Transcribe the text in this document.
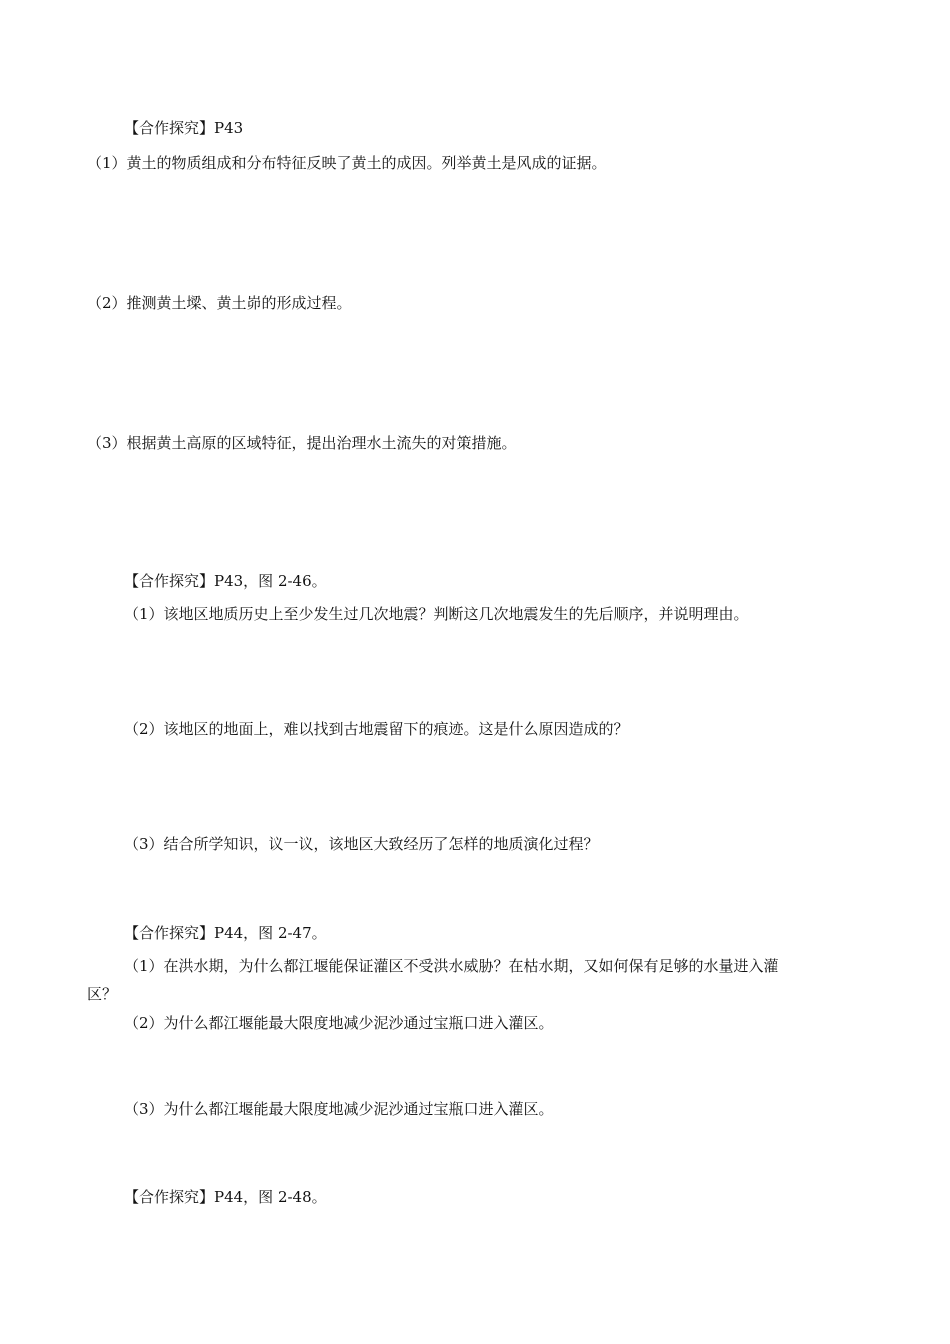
【合作探究】P43
（1）黄土的物质组成和分布特征反映了黄土的成因。列举黄土是风成的证据。
（2）推测黄土墚、黄土峁的形成过程。
（3）根据黄土高原的区域特征，提出治理水土流失的对策措施。
【合作探究】P43，图 2-46。
（1）该地区地质历史上至少发生过几次地震？判断这几次地震发生的先后顺序，并说明理由。
（2）该地区的地面上，难以找到古地震留下的痕迹。这是什么原因造成的？
（3）结合所学知识，议一议，该地区大致经历了怎样的地质演化过程？
【合作探究】P44，图 2-47。
（1）在洪水期，为什么都江堰能保证灌区不受洪水威胁？在枯水期，又如何保有足够的水量进入灌
区？
（2）为什么都江堰能最大限度地减少泥沙通过宝瓶口进入灌区。
（3）为什么都江堰能最大限度地减少泥沙通过宝瓶口进入灌区。
【合作探究】P44，图 2-48。
